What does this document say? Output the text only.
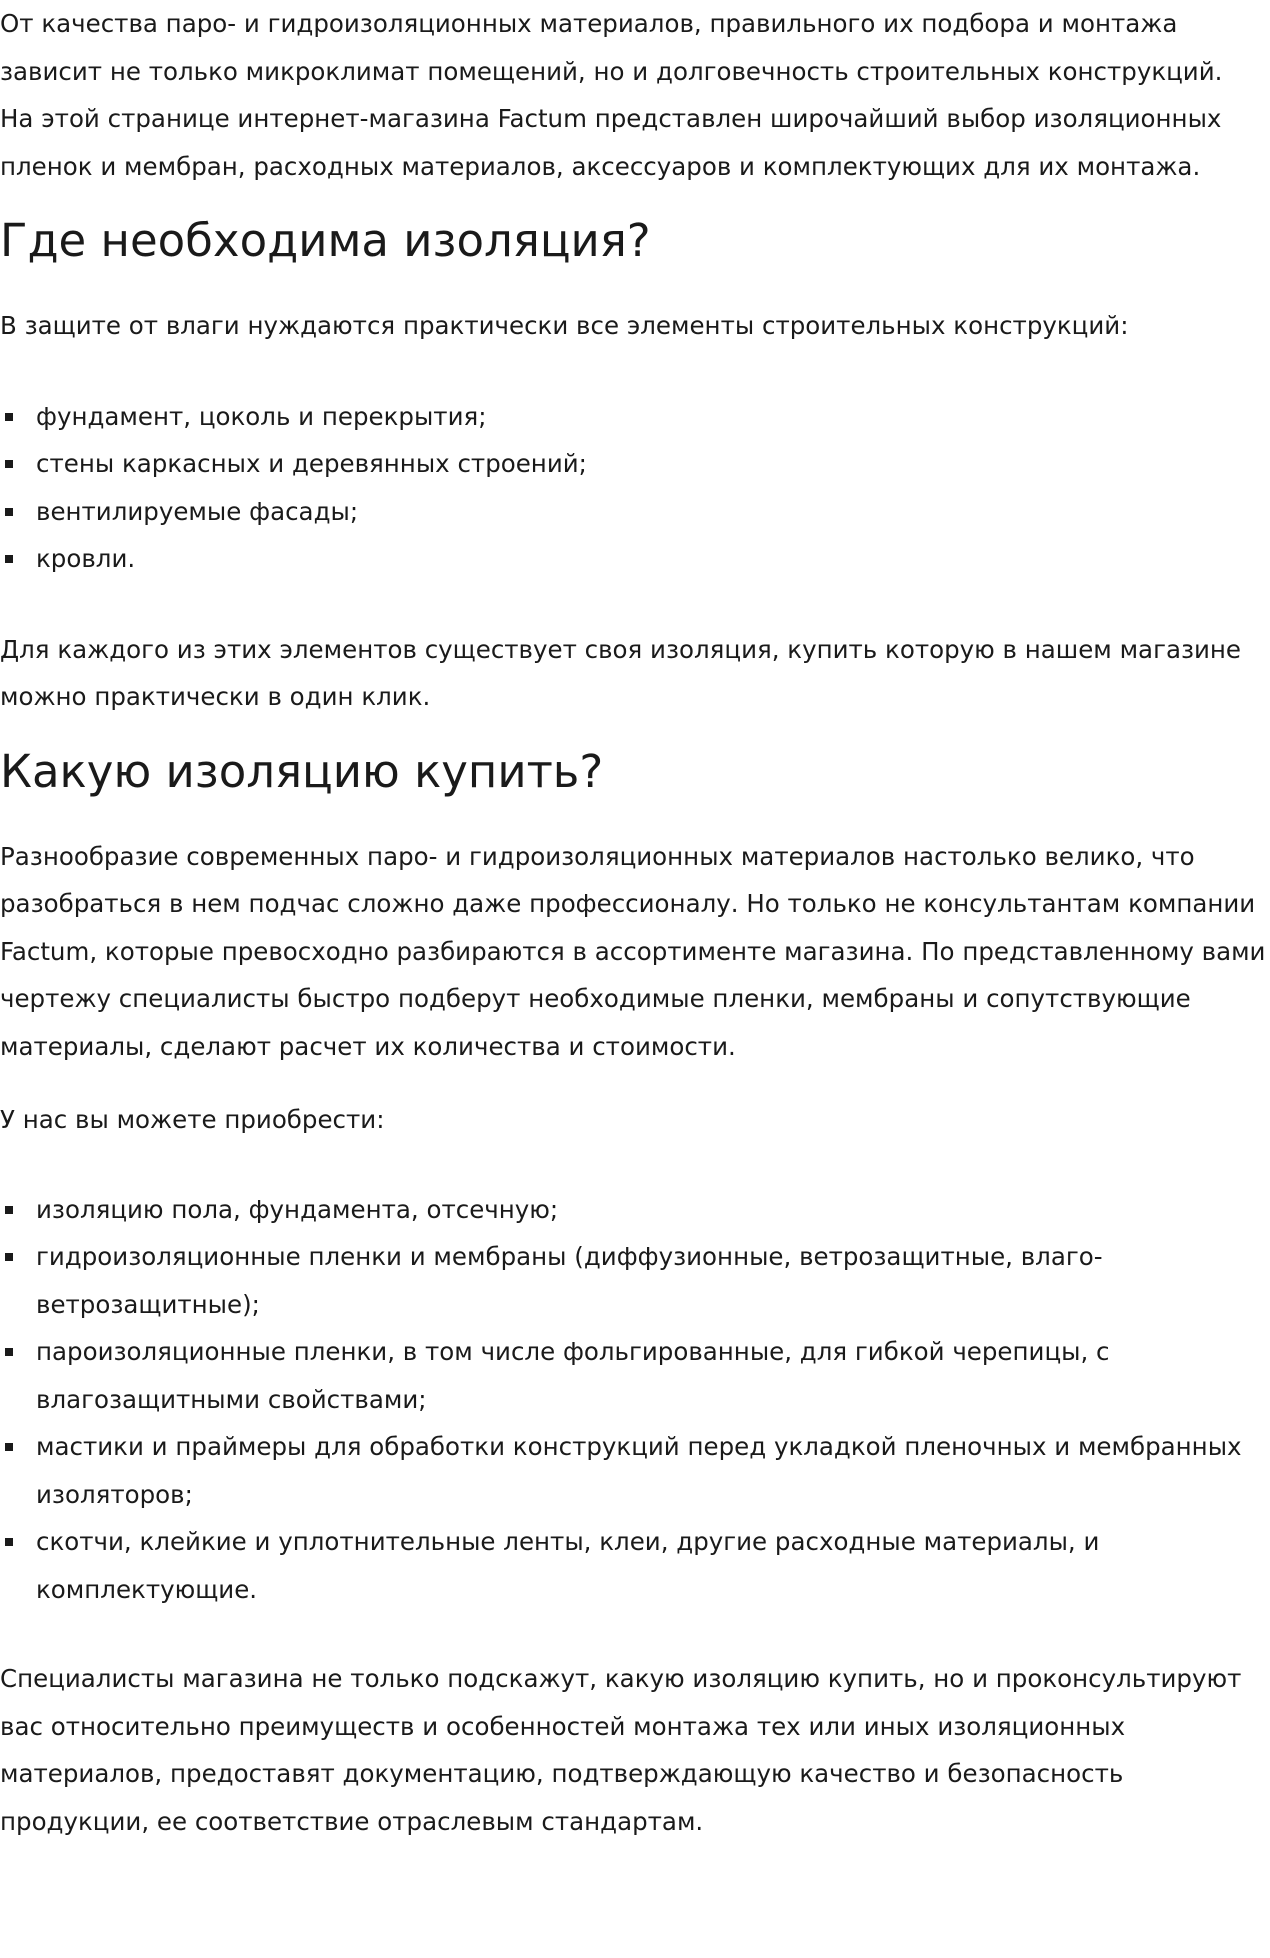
От качества паро- и гидроизоляционных материалов, правильного их подбора и монтажа зависит не только микроклимат помещений, но и долговечность строительных конструкций. На этой странице интернет-магазина Factum представлен широчайший выбор изоляционных пленок и мембран, расходных материалов, аксессуаров и комплектующих для их монтажа.

Где необходима изоляция?

В защите от влаги нуждаются практически все элементы строительных конструкций:

фундамент, цоколь и перекрытия;
стены каркасных и деревянных строений;
вентилируемые фасады;
кровли.

Для каждого из этих элементов существует своя изоляция, купить которую в нашем магазине можно практически в один клик.

Какую изоляцию купить?

Разнообразие современных паро- и гидроизоляционных материалов настолько велико, что разобраться в нем подчас сложно даже профессионалу. Но только не консультантам компании Factum, которые превосходно разбираются в ассортименте магазина. По представленному вами чертежу специалисты быстро подберут необходимые пленки, мембраны и сопутствующие материалы, сделают расчет их количества и стоимости.

У нас вы можете приобрести:

изоляцию пола, фундамента, отсечную;
гидроизоляционные пленки и мембраны (диффузионные, ветрозащитные, влаго-ветрозащитные);
пароизоляционные пленки, в том числе фольгированные, для гибкой черепицы, с влагозащитными свойствами;
мастики и праймеры для обработки конструкций перед укладкой пленочных и мембранных изоляторов;
скотчи, клейкие и уплотнительные ленты, клеи, другие расходные материалы, и комплектующие.

Специалисты магазина не только подскажут, какую изоляцию купить, но и проконсультируют вас относительно преимуществ и особенностей монтажа тех или иных изоляционных материалов, предоставят документацию, подтверждающую качество и безопасность продукции, ее соответствие отраслевым стандартам.
